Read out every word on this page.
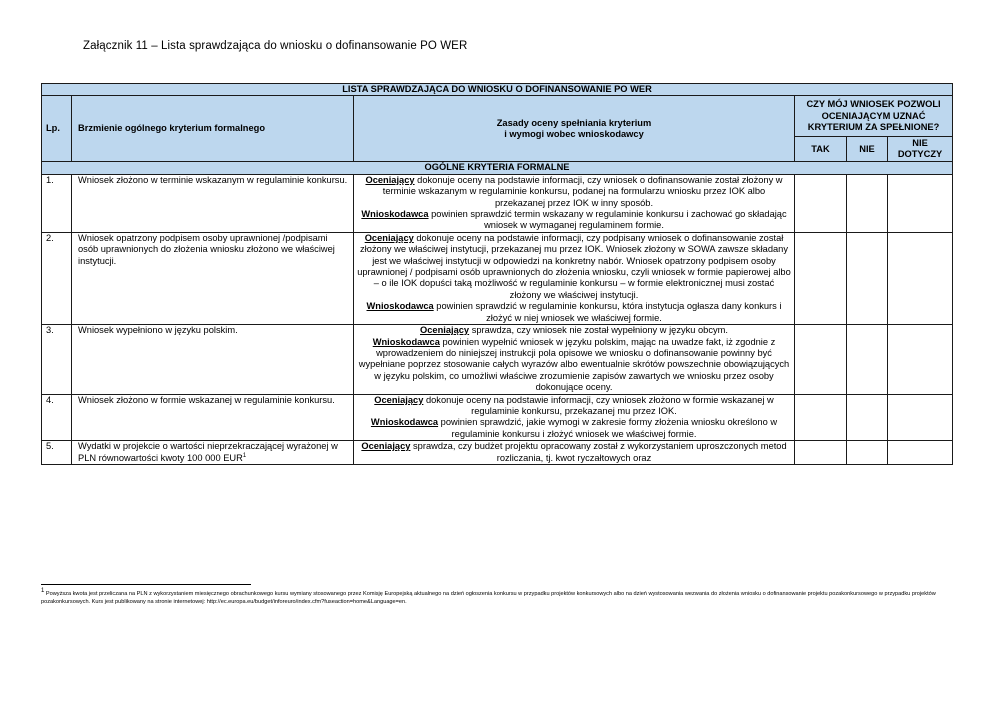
Załącznik 11 – Lista sprawdzająca do wniosku o dofinansowanie PO WER
LISTA SPRAWDZAJĄCA DO WNIOSKU O DOFINANSOWANIE PO WER					
Lp.	Brzmienie ogólnego kryterium formalnego	Zasady oceny spełniania kryterium
i wymogi wobec wnioskodawcy	CZY MÓJ WNIOSEK POZWOLI OCENIAJĄCYM UZNAĆ KRYTERIUM ZA SPEŁNIONE?		
			TAK	NIE	NIE DOTYCZY
OGÓLNE KRYTERIA FORMALNE					
1.	Wniosek złożono w terminie wskazanym w regulaminie konkursu.	Oceniający dokonuje oceny na podstawie informacji, czy wniosek o dofinansowanie został złożony w terminie wskazanym w regulaminie konkursu, podanej na formularzu wniosku przez IOK albo przekazanej przez IOK w inny sposób.
Wnioskodawca powinien sprawdzić termin wskazany w regulaminie konkursu i zachować go składając wniosek w wymaganej regulaminem formie.			
2.	Wniosek opatrzony podpisem osoby uprawnionej /podpisami osób uprawnionych do złożenia wniosku złożono we właściwej instytucji.	Oceniający dokonuje oceny na podstawie informacji, czy podpisany wniosek o dofinansowanie został złożony we właściwej instytucji, przekazanej mu przez IOK. Wniosek złożony w SOWA zawsze składany jest we właściwej instytucji w odpowiedzi na konkretny nabór. Wniosek opatrzony podpisem osoby uprawnionej / podpisami osób uprawnionych do złożenia wniosku, czyli wniosek w formie papierowej albo – o ile IOK dopuści taką możliwość w regulaminie konkursu – w formie elektronicznej musi zostać złożony we właściwej instytucji.
Wnioskodawca powinien sprawdzić w regulaminie konkursu, która instytucja ogłasza dany konkurs i złożyć w niej wniosek we właściwej formie.			
3.	Wniosek wypełniono w języku polskim.	Oceniający sprawdza, czy wniosek nie został wypełniony w języku obcym.
Wnioskodawca powinien wypełnić wniosek w języku polskim, mając na uwadze fakt, iż zgodnie z wprowadzeniem do niniejszej instrukcji pola opisowe we wniosku o dofinansowanie powinny być wypełniane poprzez stosowanie całych wyrazów albo ewentualnie skrótów powszechnie obowiązujących w języku polskim, co umożliwi właściwe zrozumienie zapisów zawartych we wniosku przez osoby dokonujące oceny.			
4.	Wniosek złożono w formie wskazanej w regulaminie konkursu.	Oceniający dokonuje oceny na podstawie informacji, czy wniosek złożono w formie wskazanej w regulaminie konkursu, przekazanej mu przez IOK.
Wnioskodawca powinien sprawdzić, jakie wymogi w zakresie formy złożenia wniosku określono w regulaminie konkursu i złożyć wniosek we właściwej formie.			
5.	Wydatki w projekcie o wartości nieprzekraczającej wyrażonej w PLN równowartości kwoty 100 000 EUR$^1$	Oceniający sprawdza, czy budżet projektu opracowany został z wykorzystaniem uproszczonych metod rozliczania, tj. kwot ryczałtowych oraz			
$^1$ Powyższa kwota jest przeliczana na PLN z wykorzystaniem miesięcznego obrachunkowego kursu wymiany stosowanego przez Komisję Europejską aktualnego na dzień ogłoszenia konkursu w przypadku projektów konkursowych albo na dzień wystosowania wezwania do złożenia wniosku o dofinansowanie projektu pozakonkursowego w przypadku projektów pozakonkursowych. Kurs jest publikowany na stronie internetowej: http://ec.europa.eu/budget/inforeuro/index.cfm?fuseaction=home&Language=en.
